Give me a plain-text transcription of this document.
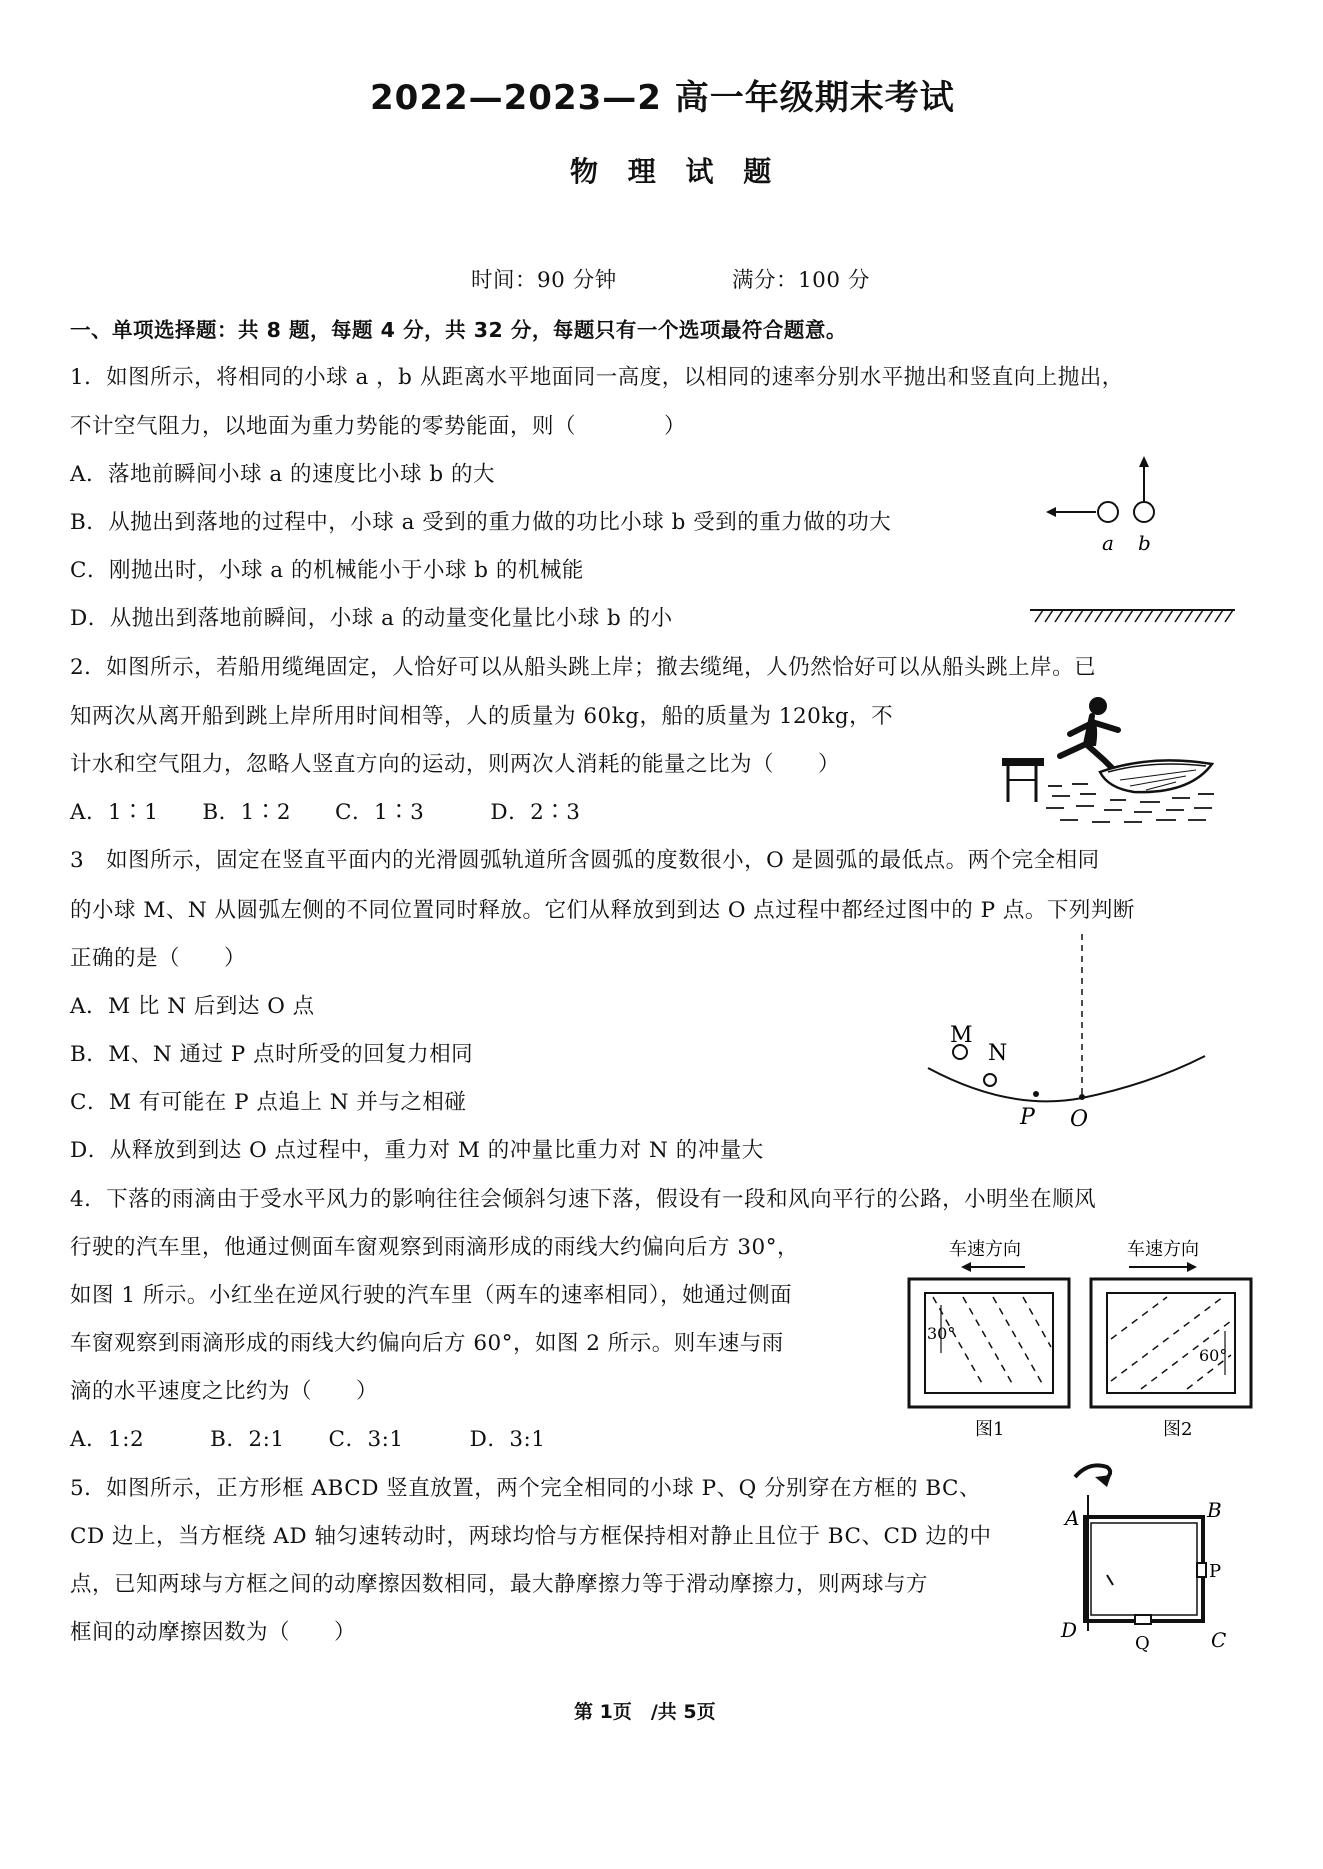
2022—2023—2 高一年级期末考试
物 理 试 题
时间：90 分钟	满分：100 分
一、单项选择题：共 8 题，每题 4 分，共 32 分，每题只有一个选项最符合题意。
1．如图所示，将相同的小球 a ，b 从距离水平地面同一高度，以相同的速率分别水平抛出和竖直向上抛出，
不计空气阻力，以地面为重力势能的零势能面，则（　　　　）
A．落地前瞬间小球 a 的速度比小球 b 的大
B．从抛出到落地的过程中，小球 a 受到的重力做的功比小球 b 受到的重力做的功大
C．刚抛出时，小球 a 的机械能小于小球 b 的机械能
D．从抛出到落地前瞬间，小球 a 的动量变化量比小球 b 的小
a b
2．如图所示，若船用缆绳固定，人恰好可以从船头跳上岸；撤去缆绳，人仍然恰好可以从船头跳上岸。已
知两次从离开船到跳上岸所用时间相等，人的质量为 60kg，船的质量为 120kg，不
计水和空气阻力，忽略人竖直方向的运动，则两次人消耗的能量之比为（　　）
A．1∶1　　B．1∶2　　C．1∶3　　　D．2∶3
3　如图所示，固定在竖直平面内的光滑圆弧轨道所含圆弧的度数很小，O 是圆弧的最低点。两个完全相同
的小球 M、N 从圆弧左侧的不同位置同时释放。它们从释放到到达 O 点过程中都经过图中的 P 点。下列判断
正确的是（　　）
A．M 比 N 后到达 O 点
B．M、N 通过 P 点时所受的回复力相同
C．M 有可能在 P 点追上 N 并与之相碰
D．从释放到到达 O 点过程中，重力对 M 的冲量比重力对 N 的冲量大
M
N
P O
4．下落的雨滴由于受水平风力的影响往往会倾斜匀速下落，假设有一段和风向平行的公路，小明坐在顺风
行驶的汽车里，他通过侧面车窗观察到雨滴形成的雨线大约偏向后方 30°，
如图 1 所示。小红坐在逆风行驶的汽车里（两车的速率相同），她通过侧面
车窗观察到雨滴形成的雨线大约偏向后方 60°，如图 2 所示。则车速与雨
滴的水平速度之比约为（　　）
A．1:2　　　B．2:1　　C．3:1　　　D．3:1
车速方向
30°
图1
车速方向
60°
图2
5．如图所示，正方形框 ABCD 竖直放置，两个完全相同的小球 P、Q 分别穿在方框的 BC、
CD 边上，当方框绕 AD 轴匀速转动时，两球均恰与方框保持相对静止且位于 BC、CD 边的中
点，已知两球与方框之间的动摩擦因数相同，最大静摩擦力等于滑动摩擦力，则两球与方
框间的动摩擦因数为（　　）
A	B
C
D
P
Q
第 1页　/共 5页
